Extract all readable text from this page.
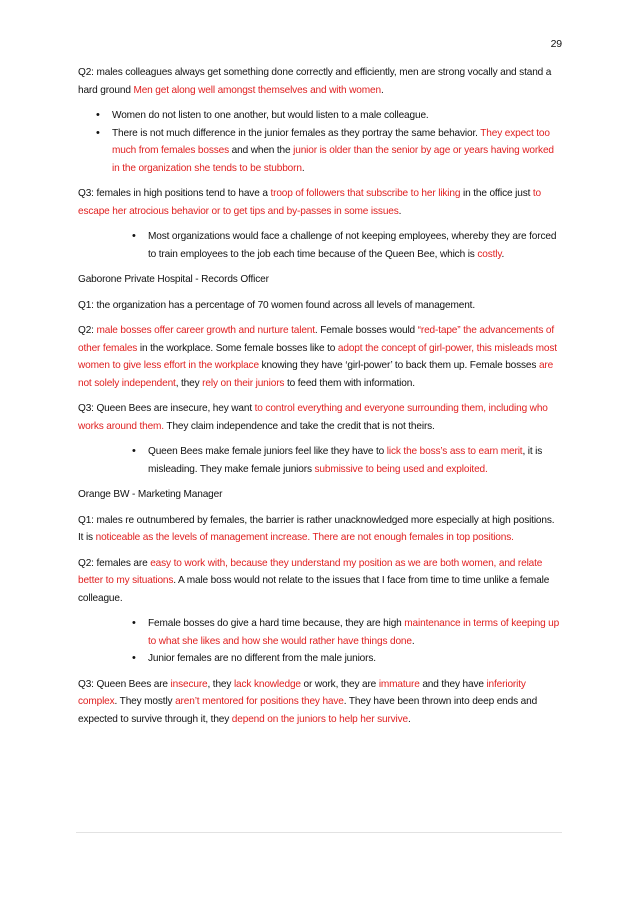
29

Q2: males colleagues always get something done correctly and efficiently, men are strong vocally and stand a hard ground Men get along well amongst themselves and with women.

• Women do not listen to one another, but would listen to a male colleague.
• There is not much difference in the junior females as they portray the same behavior. They expect too much from females bosses and when the junior is older than the senior by age or years having worked in the organization she tends to be stubborn.

Q3: females in high positions tend to have a troop of followers that subscribe to her liking in the office just to escape her atrocious behavior or to get tips and by-passes in some issues.

• Most organizations would face a challenge of not keeping employees, whereby they are forced to train employees to the job each time because of the Queen Bee, which is costly.

Gaborone Private Hospital - Records Officer

Q1: the organization has a percentage of 70 women found across all levels of management.

Q2: male bosses offer career growth and nurture talent. Female bosses would “red-tape” the advancements of other females in the workplace. Some female bosses like to adopt the concept of girl-power, this misleads most women to give less effort in the workplace knowing they have ‘girl-power’ to back them up. Female bosses are not solely independent, they rely on their juniors to feed them with information.

Q3: Queen Bees are insecure, hey want to control everything and everyone surrounding them, including who works around them. They claim independence and take the credit that is not theirs.

• Queen Bees make female juniors feel like they have to lick the boss’s ass to earn merit, it is misleading. They make female juniors submissive to being used and exploited.

Orange BW - Marketing Manager

Q1: males re outnumbered by females, the barrier is rather unacknowledged more especially at high positions. It is noticeable as the levels of management increase. There are not enough females in top positions.

Q2: females are easy to work with, because they understand my position as we are both women, and relate better to my situations. A male boss would not relate to the issues that I face from time to time unlike a female colleague.

• Female bosses do give a hard time because, they are high maintenance in terms of keeping up to what she likes and how she would rather have things done.
• Junior females are no different from the male juniors.

Q3: Queen Bees are insecure, they lack knowledge or work, they are immature and they have inferiority complex. They mostly aren’t mentored for positions they have. They have been thrown into deep ends and expected to survive through it, they depend on the juniors to help her survive.
